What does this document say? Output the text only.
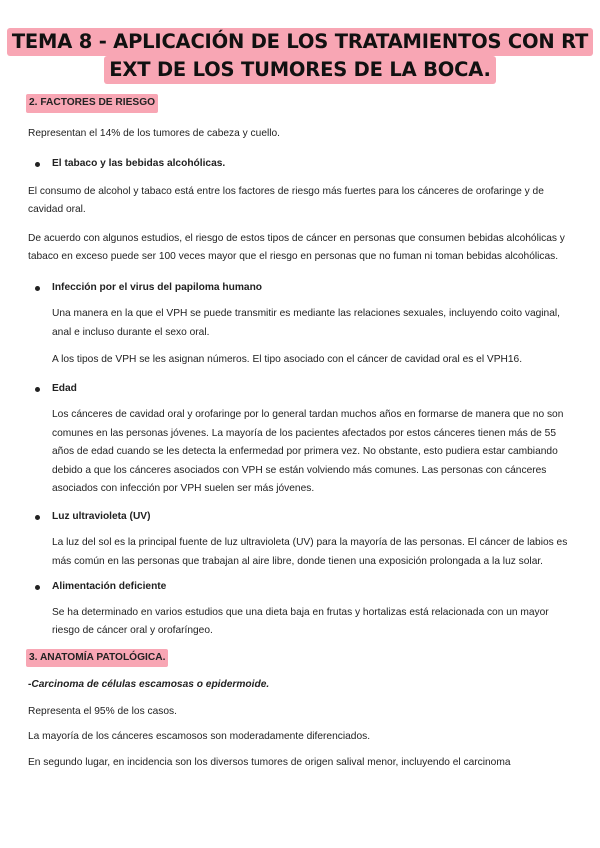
TEMA 8 - APLICACIÓN DE LOS TRATAMIENTOS CON RT
EXT DE LOS TUMORES DE LA BOCA.
2. FACTORES DE RIESGO

Representan el 14% de los tumores de cabeza y cuello.

El tabaco y las bebidas alcohólicas.

El consumo de alcohol y tabaco está entre los factores de riesgo más fuertes para los cánceres de orofaringe y de cavidad oral.

De acuerdo con algunos estudios, el riesgo de estos tipos de cáncer en personas que consumen bebidas alcohólicas y tabaco en exceso puede ser 100 veces mayor que el riesgo en personas que no fuman ni toman bebidas alcohólicas.

Infección por el virus del papiloma humano

Una manera en la que el VPH se puede transmitir es mediante las relaciones sexuales, incluyendo coito vaginal, anal e incluso durante el sexo oral.

A los tipos de VPH se les asignan números. El tipo asociado con el cáncer de cavidad oral es el VPH16.

Edad

Los cánceres de cavidad oral y orofaringe por lo general tardan muchos años en formarse de manera que no son comunes en las personas jóvenes. La mayoría de los pacientes afectados por estos cánceres tienen más de 55 años de edad cuando se les detecta la enfermedad por primera vez. No obstante, esto pudiera estar cambiando debido a que los cánceres asociados con VPH se están volviendo más comunes. Las personas con cánceres asociados con infección por VPH suelen ser más jóvenes.

Luz ultravioleta (UV)

La luz del sol es la principal fuente de luz ultravioleta (UV) para la mayoría de las personas. El cáncer de labios es más común en las personas que trabajan al aire libre, donde tienen una exposición prolongada a la luz solar.

Alimentación deficiente

Se ha determinado en varios estudios que una dieta baja en frutas y hortalizas está relacionada con un mayor riesgo de cáncer oral y orofaríngeo.

3. ANATOMÍA PATOLÓGICA.

-Carcinoma de células escamosas o epidermoide.

Representa el 95% de los casos.

La mayoría de los cánceres escamosos son moderadamente diferenciados.

En segundo lugar, en incidencia son los diversos tumores de origen salival menor, incluyendo el carcinoma
